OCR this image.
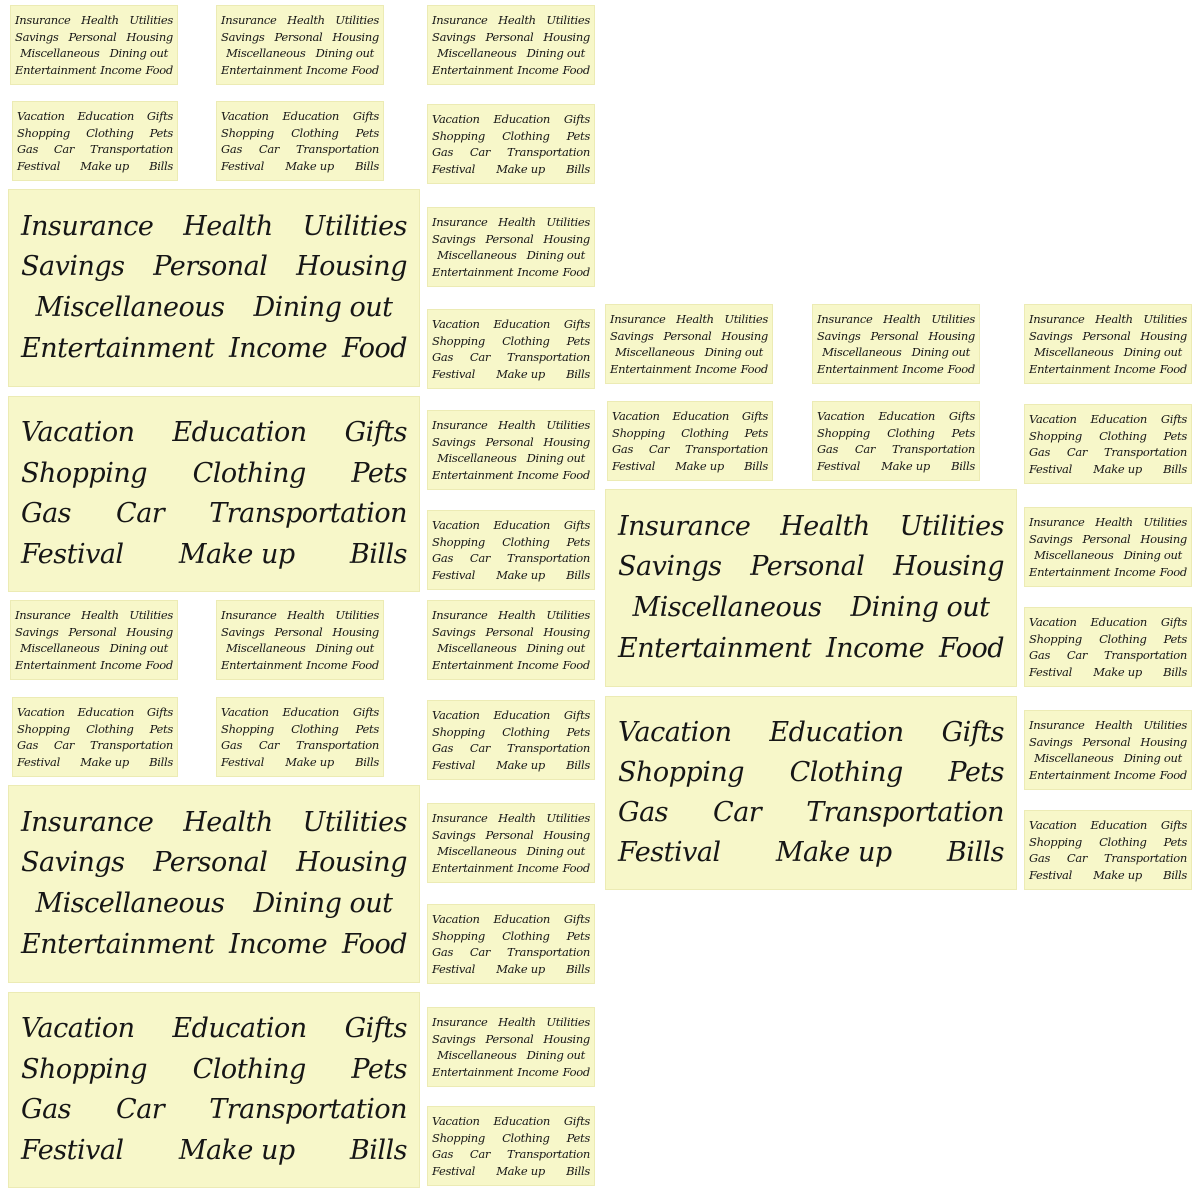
Insurance Health Utilities
Savings Personal Housing
Miscellaneous Dining out
Entertainment Income Food
Insurance Health Utilities
Savings Personal Housing
Miscellaneous Dining out
Entertainment Income Food
Insurance Health Utilities
Savings Personal Housing
Miscellaneous Dining out
Entertainment Income Food
Vacation Education Gifts
Shopping Clothing Pets
Gas Car Transportation
Festival Make up Bills
Vacation Education Gifts
Shopping Clothing Pets
Gas Car Transportation
Festival Make up Bills
Vacation Education Gifts
Shopping Clothing Pets
Gas Car Transportation
Festival Make up Bills
Insurance Health Utilities
Savings Personal Housing
Miscellaneous Dining out
Entertainment Income Food
Insurance Health Utilities
Savings Personal Housing
Miscellaneous Dining out
Entertainment Income Food
Vacation Education Gifts
Shopping Clothing Pets
Gas Car Transportation
Festival Make up Bills
Vacation Education Gifts
Shopping Clothing Pets
Gas Car Transportation
Festival Make up Bills
Insurance Health Utilities
Savings Personal Housing
Miscellaneous Dining out
Entertainment Income Food
Vacation Education Gifts
Shopping Clothing Pets
Gas Car Transportation
Festival Make up Bills
Insurance Health Utilities
Savings Personal Housing
Miscellaneous Dining out
Entertainment Income Food
Insurance Health Utilities
Savings Personal Housing
Miscellaneous Dining out
Entertainment Income Food
Insurance Health Utilities
Savings Personal Housing
Miscellaneous Dining out
Entertainment Income Food
Vacation Education Gifts
Shopping Clothing Pets
Gas Car Transportation
Festival Make up Bills
Vacation Education Gifts
Shopping Clothing Pets
Gas Car Transportation
Festival Make up Bills
Vacation Education Gifts
Shopping Clothing Pets
Gas Car Transportation
Festival Make up Bills
Insurance Health Utilities
Savings Personal Housing
Miscellaneous Dining out
Entertainment Income Food
Insurance Health Utilities
Savings Personal Housing
Miscellaneous Dining out
Entertainment Income Food
Vacation Education Gifts
Shopping Clothing Pets
Gas Car Transportation
Festival Make up Bills
Vacation Education Gifts
Shopping Clothing Pets
Gas Car Transportation
Festival Make up Bills
Insurance Health Utilities
Savings Personal Housing
Miscellaneous Dining out
Entertainment Income Food
Vacation Education Gifts
Shopping Clothing Pets
Gas Car Transportation
Festival Make up Bills
Insurance Health Utilities
Savings Personal Housing
Miscellaneous Dining out
Entertainment Income Food
Insurance Health Utilities
Savings Personal Housing
Miscellaneous Dining out
Entertainment Income Food
Insurance Health Utilities
Savings Personal Housing
Miscellaneous Dining out
Entertainment Income Food
Vacation Education Gifts
Shopping Clothing Pets
Gas Car Transportation
Festival Make up Bills
Vacation Education Gifts
Shopping Clothing Pets
Gas Car Transportation
Festival Make up Bills
Vacation Education Gifts
Shopping Clothing Pets
Gas Car Transportation
Festival Make up Bills
Insurance Health Utilities
Savings Personal Housing
Miscellaneous Dining out
Entertainment Income Food
Insurance Health Utilities
Savings Personal Housing
Miscellaneous Dining out
Entertainment Income Food
Vacation Education Gifts
Shopping Clothing Pets
Gas Car Transportation
Festival Make up Bills
Vacation Education Gifts
Shopping Clothing Pets
Gas Car Transportation
Festival Make up Bills
Insurance Health Utilities
Savings Personal Housing
Miscellaneous Dining out
Entertainment Income Food
Vacation Education Gifts
Shopping Clothing Pets
Gas Car Transportation
Festival Make up Bills
